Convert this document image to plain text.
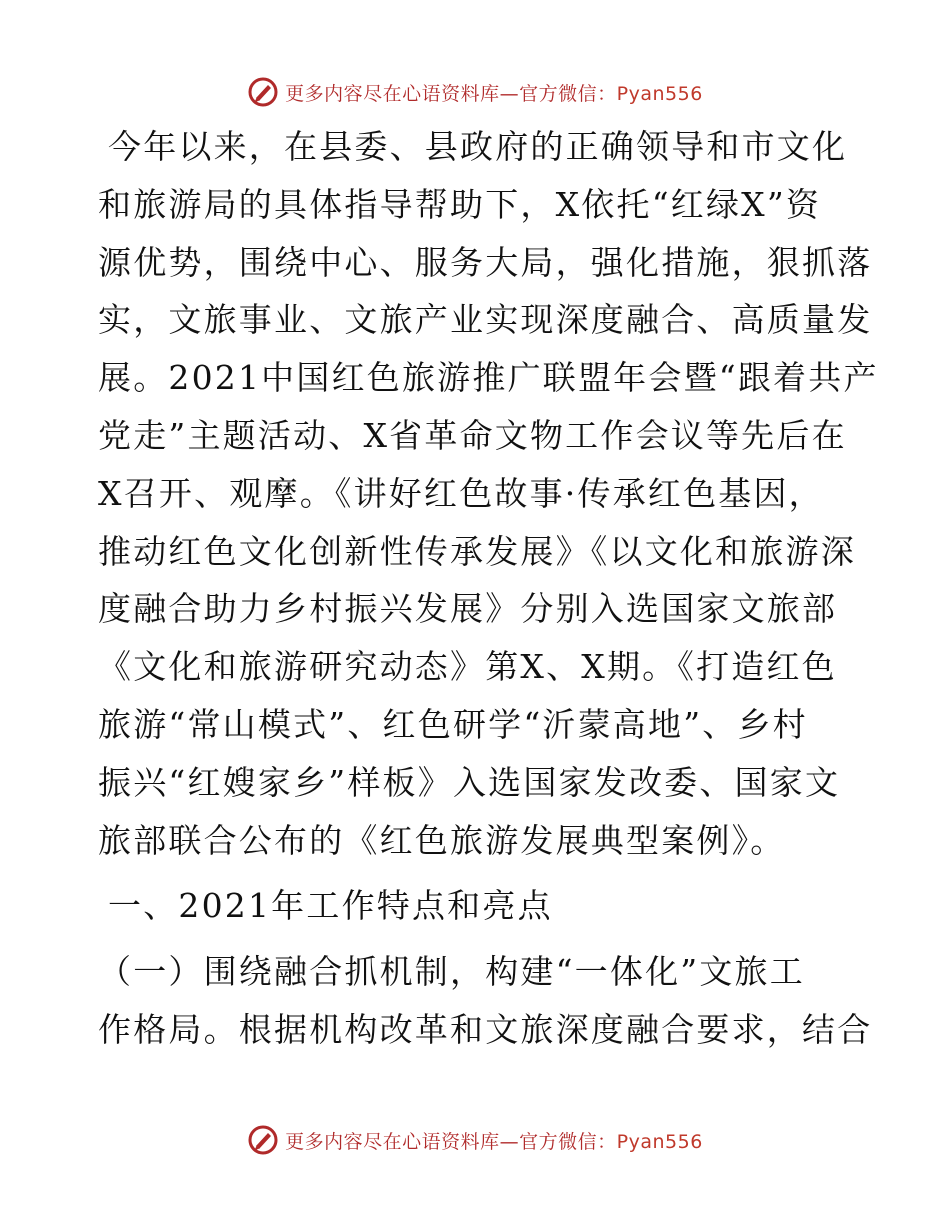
更多内容尽在心语资料库—官方微信：Pyan556

今年以来，在县委、县政府的正确领导和市文化
和旅游局的具体指导帮助下，X依托“红绿X”资
源优势，围绕中心、服务大局，强化措施，狠抓落
实，文旅事业、文旅产业实现深度融合、高质量发
展。2021中国红色旅游推广联盟年会暨“跟着共产
党走”主题活动、X省革命文物工作会议等先后在
X召开、观摩。《讲好红色故事·传承红色基因，
推动红色文化创新性传承发展》《以文化和旅游深
度融合助力乡村振兴发展》分别入选国家文旅部
《文化和旅游研究动态》第X、X期。《打造红色
旅游“常山模式”、红色研学“沂蒙高地”、乡村
振兴“红嫂家乡”样板》入选国家发改委、国家文
旅部联合公布的《红色旅游发展典型案例》。

一、2021年工作特点和亮点

（一）围绕融合抓机制，构建“一体化”文旅工
作格局。根据机构改革和文旅深度融合要求，结合

更多内容尽在心语资料库—官方微信：Pyan556
